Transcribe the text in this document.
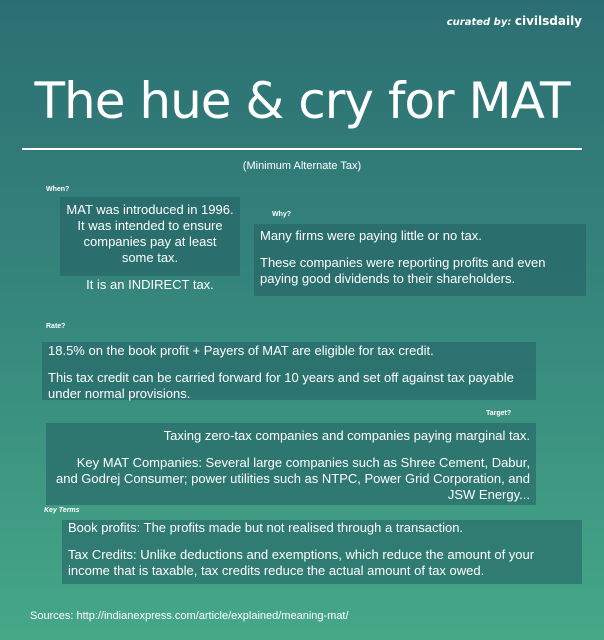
curated by: civilsdaily
The hue & cry for MAT
(Minimum Alternate Tax)
When?

MAT was introduced in 1996. It was intended to ensure companies pay at least some tax.

It is an INDIRECT tax.

Why?

Many firms were paying little or no tax.

These companies were reporting profits and even paying good dividends to their shareholders.

Rate?

18.5% on the book profit + Payers of MAT are eligible for tax credit.

This tax credit can be carried forward for 10 years and set off against tax payable under normal provisions.

Target?

Taxing zero-tax companies and companies paying marginal tax.

Key MAT Companies: Several large companies such as Shree Cement, Dabur, and Godrej Consumer; power utilities such as NTPC, Power Grid Corporation, and JSW Energy...

Key Terms

Book profits: The profits made but not realised through a transaction.

Tax Credits: Unlike deductions and exemptions, which reduce the amount of your income that is taxable, tax credits reduce the actual amount of tax owed.

Sources: http://indianexpress.com/article/explained/meaning-mat/
